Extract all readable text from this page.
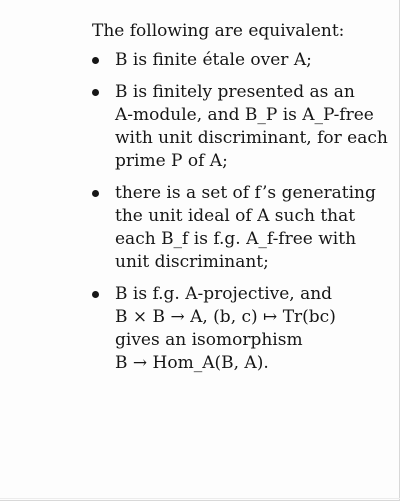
The following are equivalent:

B is finite étale over A;
B is finitely presented as an
A-module, and B_P is A_P-free
with unit discriminant, for each
prime P of A;
there is a set of f’s generating
the unit ideal of A such that
each B_f is f.g. A_f-free with
unit discriminant;
B is f.g. A-projective, and
B × B → A, (b, c) ↦ Tr(bc)
gives an isomorphism
B → Hom_A(B, A).
